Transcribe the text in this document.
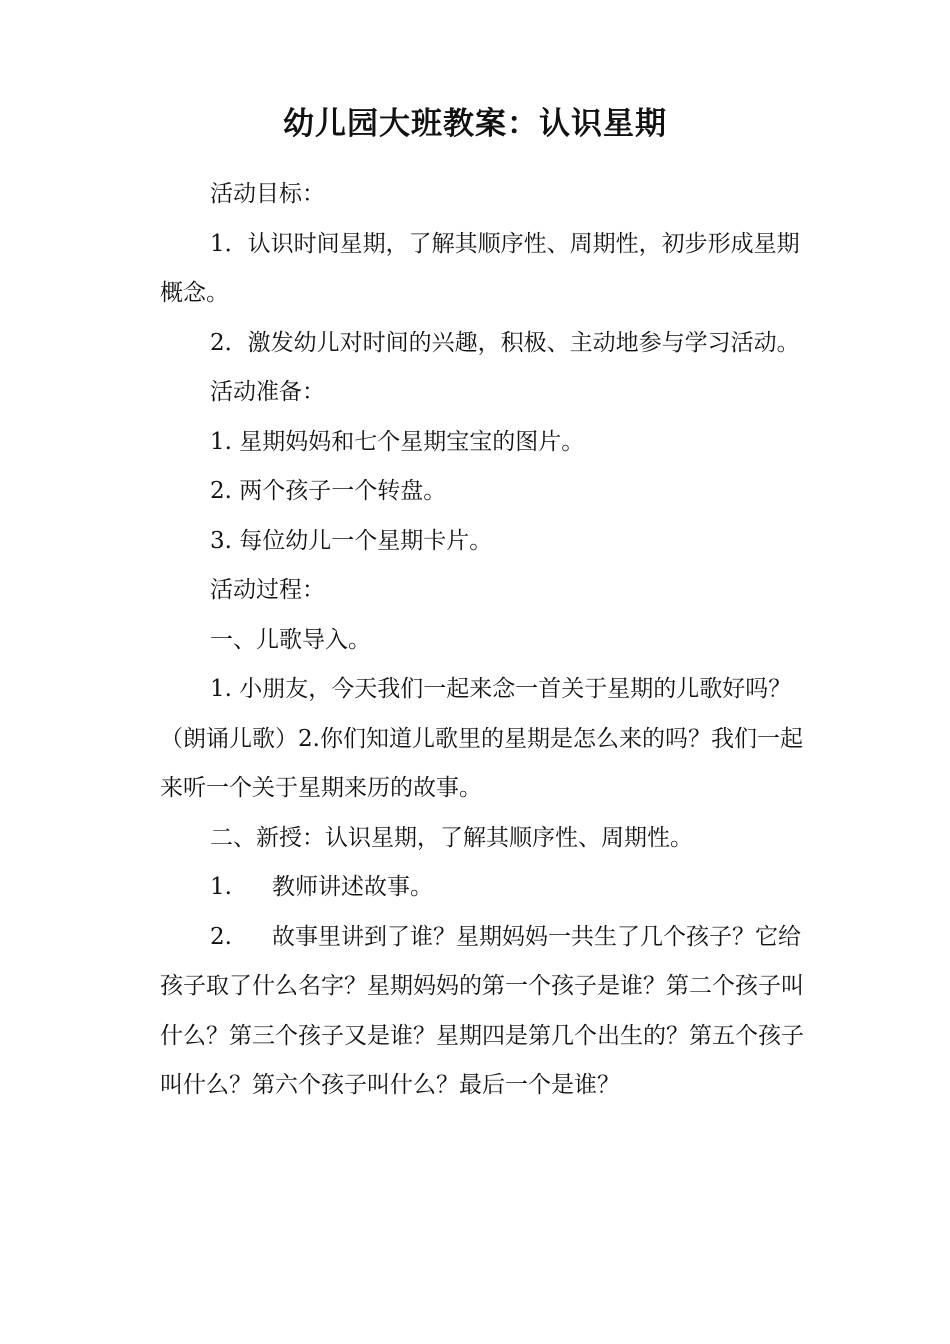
幼儿园大班教案：认识星期

活动目标：

1．认识时间星期，了解其顺序性、周期性，初步形成星期概念。

2．激发幼儿对时间的兴趣，积极、主动地参与学习活动。

活动准备：

1. 星期妈妈和七个星期宝宝的图片。

2. 两个孩子一个转盘。

3. 每位幼儿一个星期卡片。

活动过程：

一、儿歌导入。

1. 小朋友，今天我们一起来念一首关于星期的儿歌好吗？（朗诵儿歌）2.你们知道儿歌里的星期是怎么来的吗？我们一起来听一个关于星期来历的故事。

二、新授：认识星期，了解其顺序性、周期性。

1. 教师讲述故事。

2. 故事里讲到了谁？星期妈妈一共生了几个孩子？它给孩子取了什么名字？星期妈妈的第一个孩子是谁？第二个孩子叫什么？第三个孩子又是谁？星期四是第几个出生的？第五个孩子叫什么？第六个孩子叫什么？最后一个是谁？
